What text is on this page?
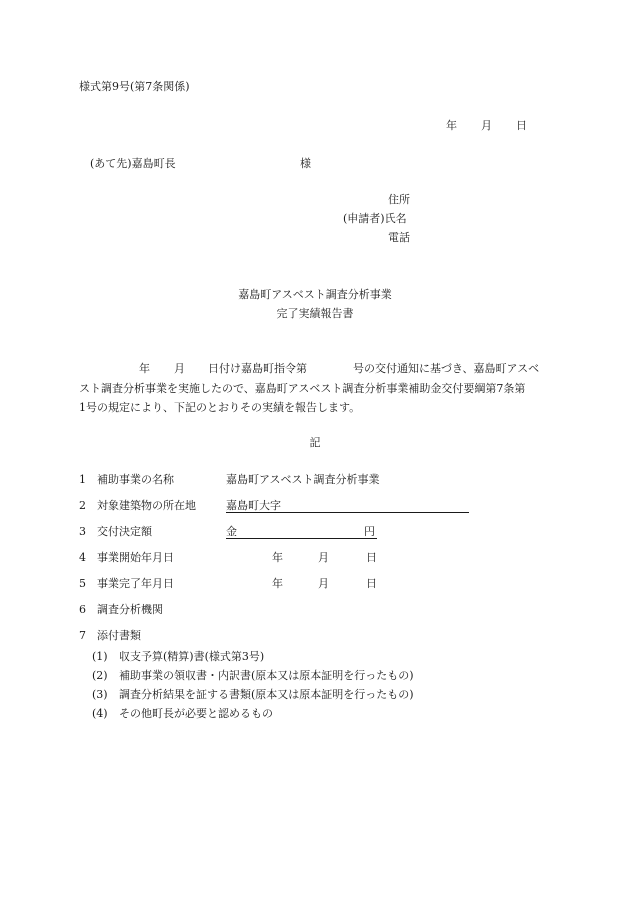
様式第9号(第7条関係)
年 月 日
(あて先)嘉島町長	様
住所
(申請者)氏名
電話
嘉島町アスベスト調査分析事業
完了実績報告書
年 月 日付け嘉島町指令第	号の交付通知に基づき、嘉島町アスベ
スト調査分析事業を実施したので、嘉島町アスベスト調査分析事業補助金交付要綱第7条第
1号の規定により、下記のとおりその実績を報告します。
記
1 補助事業の名称	嘉島町アスベスト調査分析事業
2 対象建築物の所在地	嘉島町大字
3 交付決定額	金	円
4 事業開始年月日	年	月	日
5 事業完了年月日	年	月	日
6 調査分析機関
7 添付書類
(1) 収支予算(精算)書(様式第3号)
(2) 補助事業の領収書・内訳書(原本又は原本証明を行ったもの)
(3) 調査分析結果を証する書類(原本又は原本証明を行ったもの)
(4) その他町長が必要と認めるもの
